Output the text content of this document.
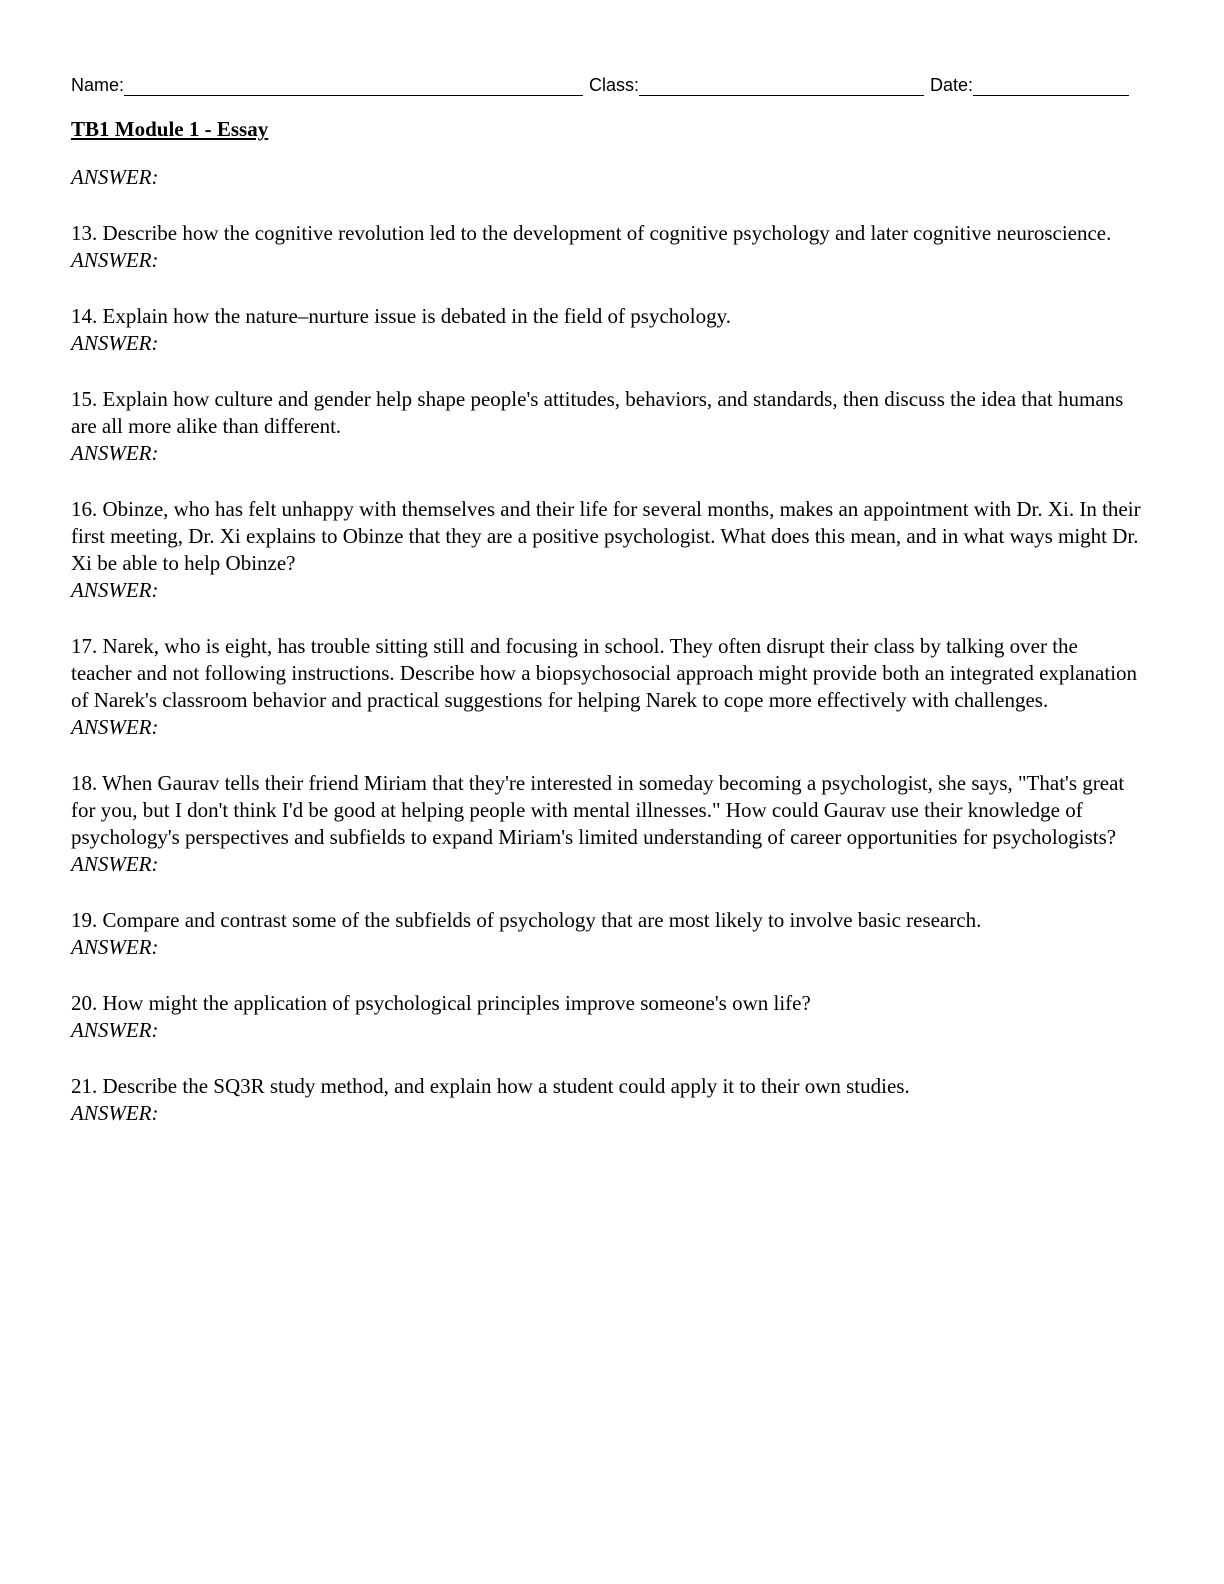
Name:	Class:	Date:
TB1 Module 1 - Essay
ANSWER:
13. Describe how the cognitive revolution led to the development of cognitive psychology and later cognitive neuroscience.
ANSWER:
14. Explain how the nature–nurture issue is debated in the field of psychology.
ANSWER:
15. Explain how culture and gender help shape people's attitudes, behaviors, and standards, then discuss the idea that humans are all more alike than different.
ANSWER:
16. Obinze, who has felt unhappy with themselves and their life for several months, makes an appointment with Dr. Xi. In their first meeting, Dr. Xi explains to Obinze that they are a positive psychologist. What does this mean, and in what ways might Dr. Xi be able to help Obinze?
ANSWER:
17. Narek, who is eight, has trouble sitting still and focusing in school. They often disrupt their class by talking over the teacher and not following instructions. Describe how a biopsychosocial approach might provide both an integrated explanation of Narek's classroom behavior and practical suggestions for helping Narek to cope more effectively with challenges.
ANSWER:
18. When Gaurav tells their friend Miriam that they're interested in someday becoming a psychologist, she says, "That's great for you, but I don't think I'd be good at helping people with mental illnesses." How could Gaurav use their knowledge of psychology's perspectives and subfields to expand Miriam's limited understanding of career opportunities for psychologists?
ANSWER:
19. Compare and contrast some of the subfields of psychology that are most likely to involve basic research.
ANSWER:
20. How might the application of psychological principles improve someone's own life?
ANSWER:
21. Describe the SQ3R study method, and explain how a student could apply it to their own studies.
ANSWER:
